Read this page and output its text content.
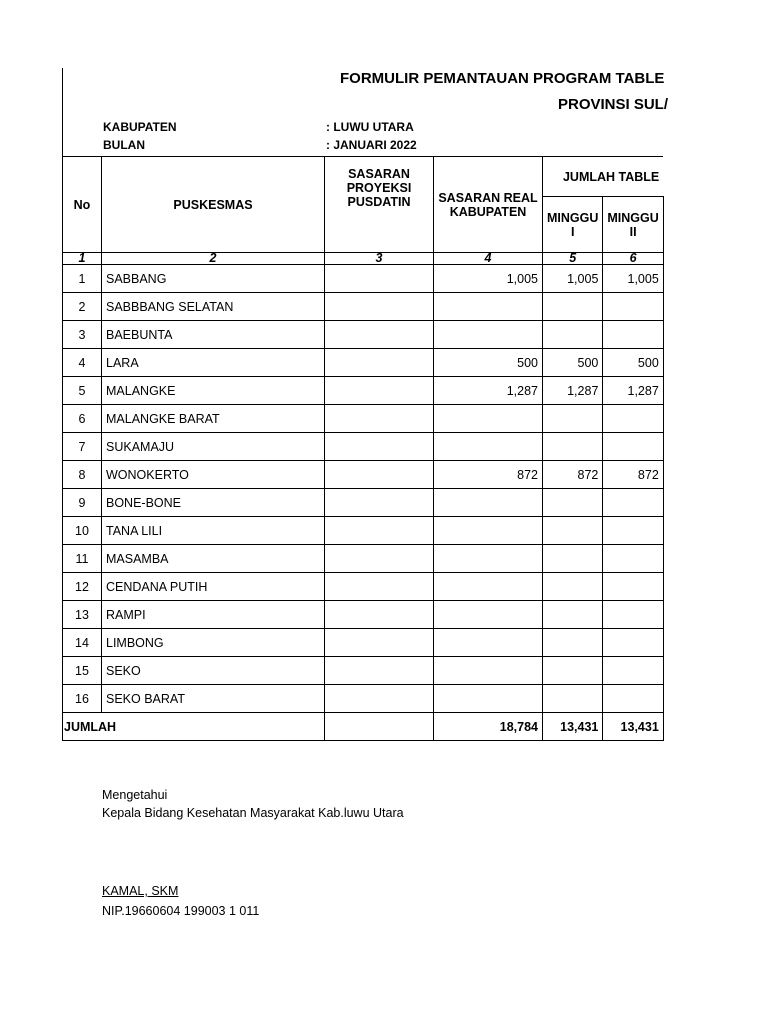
FORMULIR PEMANTAUAN PROGRAM TABLE
PROVINSI SUL/
KABUPATEN	: LUWU UTARA
BULAN	: JANUARI 2022
No	PUSKESMAS	SASARAN PROYEKSI PUSDATIN	SASARAN REAL KABUPATEN	JUMLAH TABLE	
				MINGGU I	MINGGU II
1	2	3	4	5	6
1	SABBANG		1,005	1,005	1,005
2	SABBBANG SELATAN				
3	BAEBUNTA				
4	LARA		500	500	500
5	MALANGKE		1,287	1,287	1,287
6	MALANGKE BARAT				
7	SUKAMAJU				
8	WONOKERTO		872	872	872
9	BONE-BONE				
10	TANA LILI				
11	MASAMBA				
12	CENDANA PUTIH				
13	RAMPI				
14	LIMBONG				
15	SEKO				
16	SEKO BARAT				
JUMLAH			18,784	13,431	13,431
Mengetahui
Kepala Bidang Kesehatan Masyarakat Kab.luwu Utara
KAMAL, SKM
NIP.19660604 199003 1 011
